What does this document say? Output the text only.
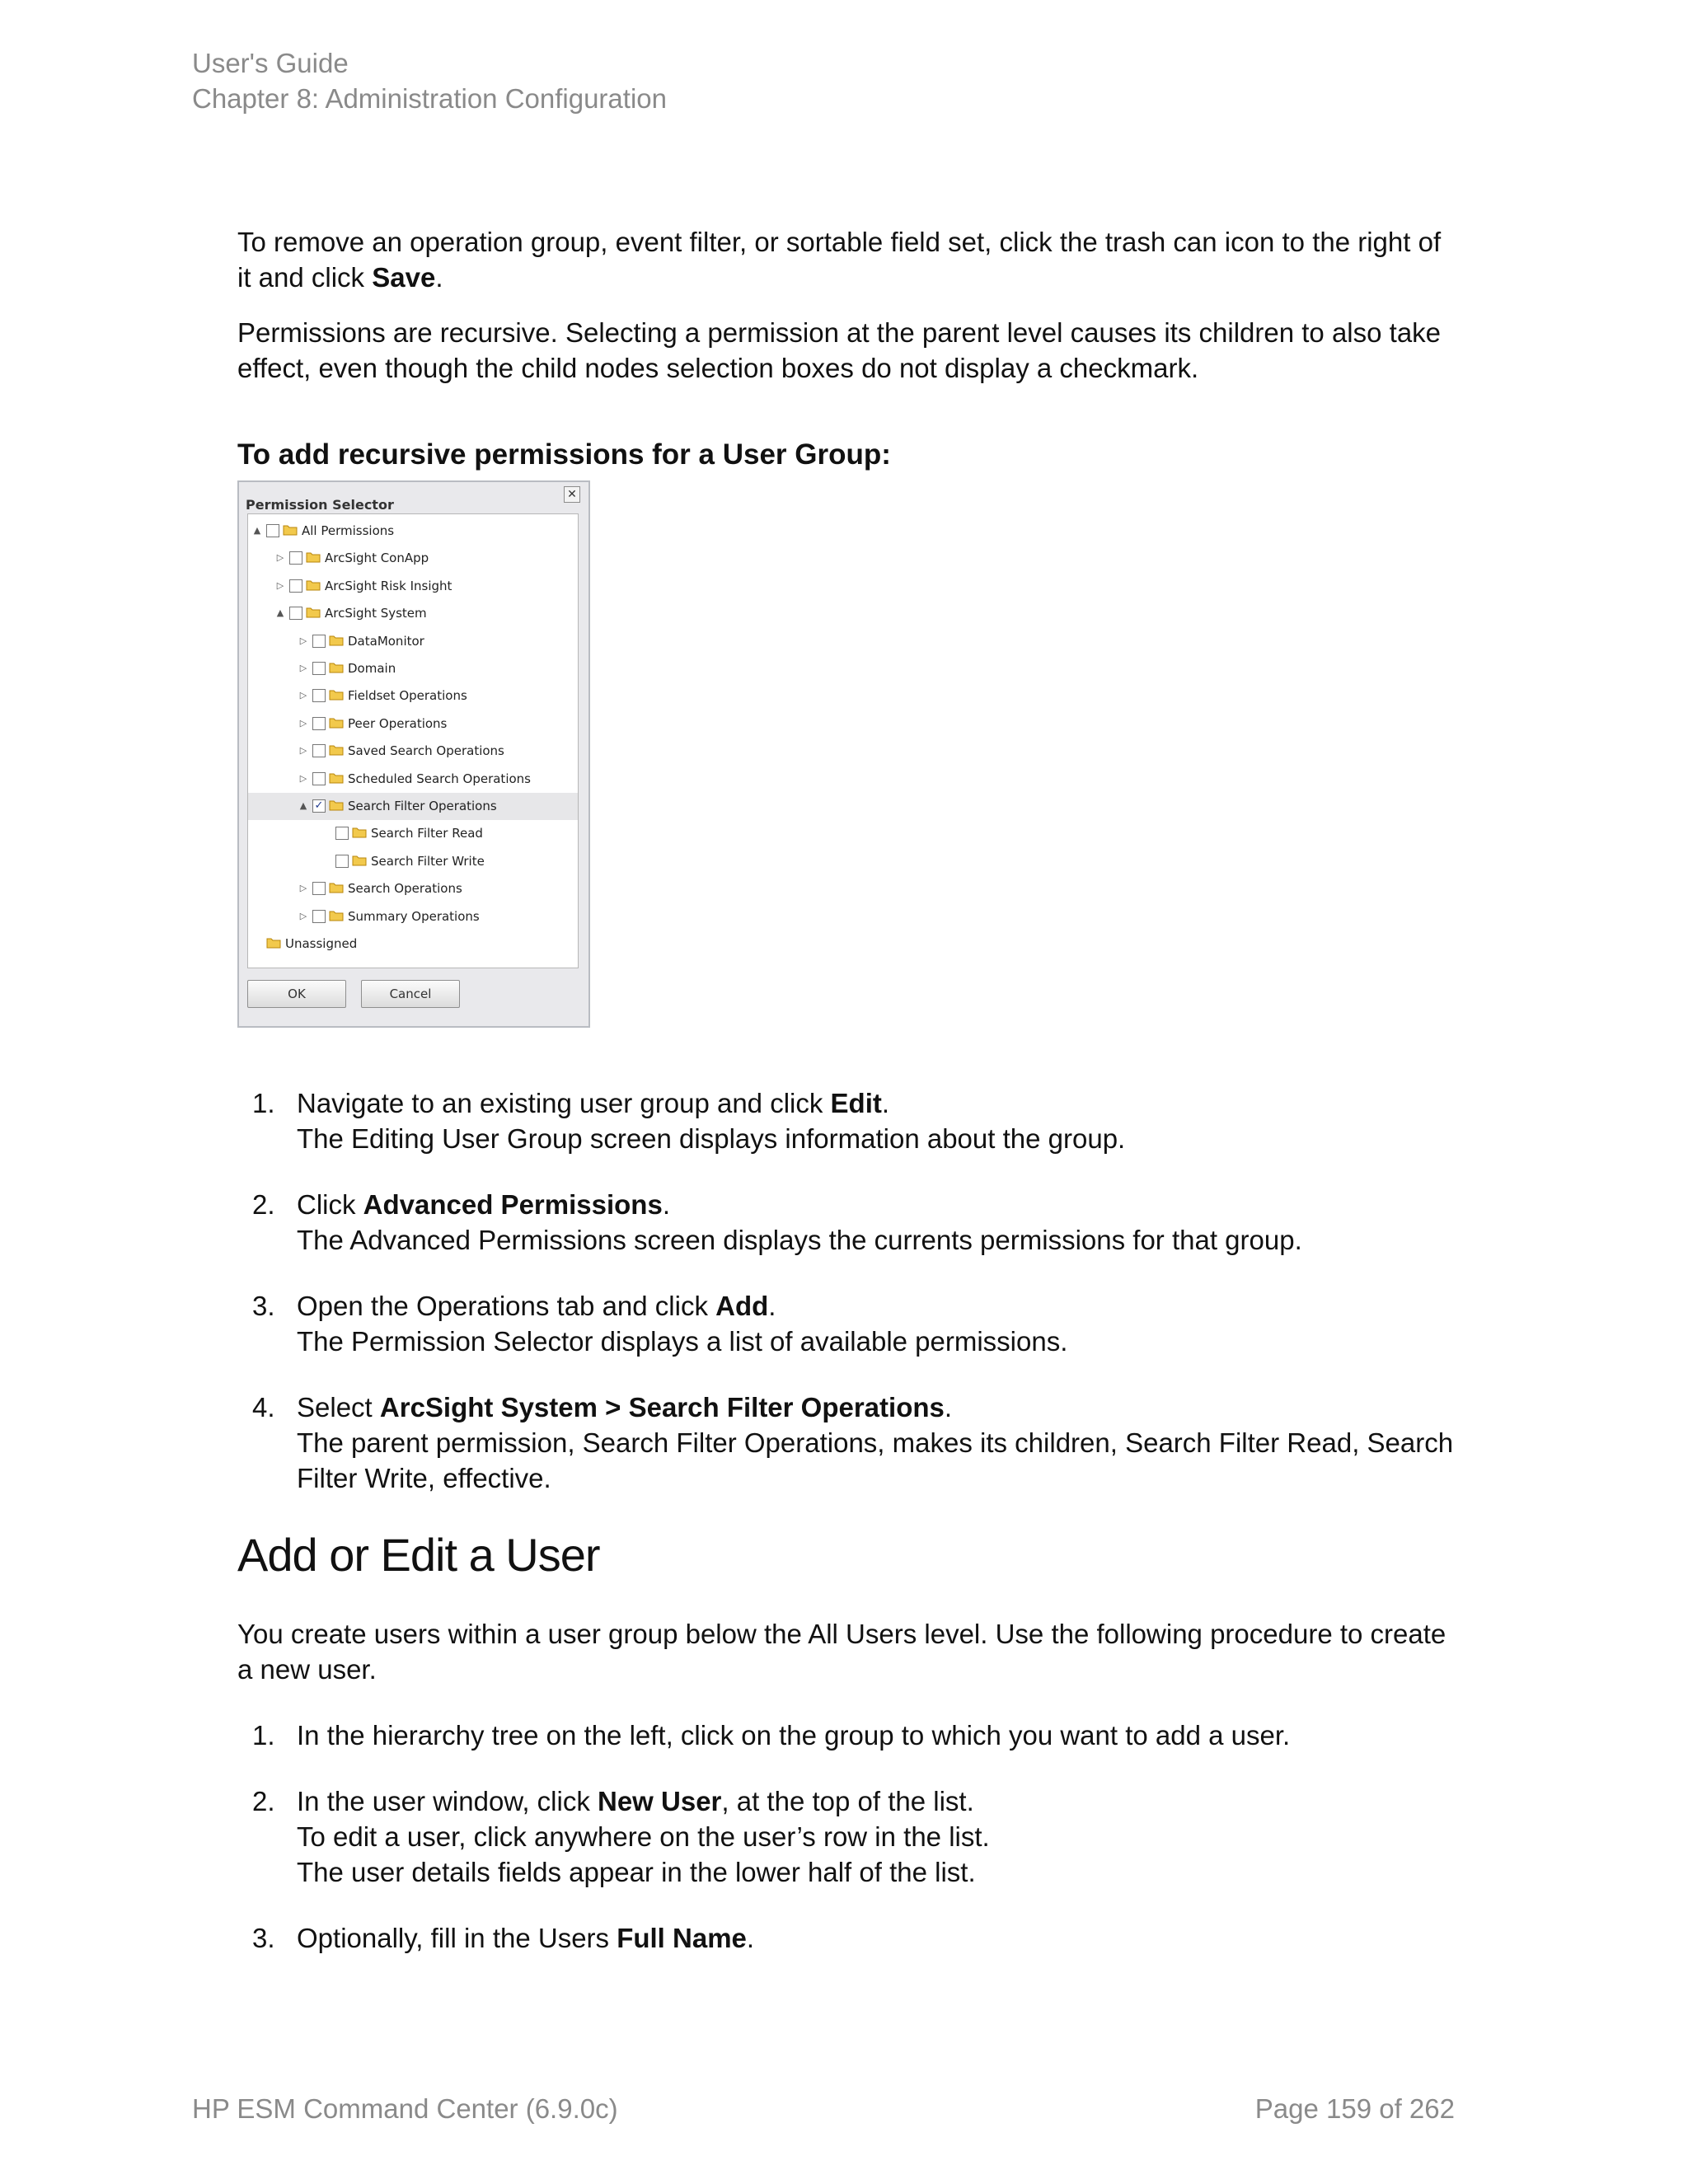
User's Guide
Chapter 8: Administration Configuration

To remove an operation group, event filter, or sortable field set, click the trash can icon to the right of it and click Save.

Permissions are recursive. Selecting a permission at the parent level causes its children to also take effect, even though the child nodes selection boxes do not display a checkmark.

To add recursive permissions for a User Group:
Permission Selector
✕
▲	All Permissions
▷	ArcSight ConApp
▷	ArcSight Risk Insight
▲	ArcSight System
▷	DataMonitor
▷	Domain
▷	Fieldset Operations
▷	Peer Operations
▷	Saved Search Operations
▷	Scheduled Search Operations
▲ ✓ Search Filter Operations
Search Filter Read
Search Filter Write
▷	Search Operations
▷	Summary Operations
Unassigned
OK	Cancel
1. Navigate to an existing user group and click Edit.
The Editing User Group screen displays information about the group.
2. Click Advanced Permissions.
The Advanced Permissions screen displays the currents permissions for that group.
3. Open the Operations tab and click Add.
The Permission Selector displays a list of available permissions.
4. Select ArcSight System > Search Filter Operations.
The parent permission, Search Filter Operations, makes its children, Search Filter Read, Search Filter Write, effective.
Add or Edit a User

You create users within a user group below the All Users level. Use the following procedure to create a new user.

1. In the hierarchy tree on the left, click on the group to which you want to add a user.
2. In the user window, click New User, at the top of the list.
To edit a user, click anywhere on the user’s row in the list.
The user details fields appear in the lower half of the list.
3. Optionally, fill in the Users Full Name.
HP ESM Command Center (6.9.0c)	Page 159 of 262
